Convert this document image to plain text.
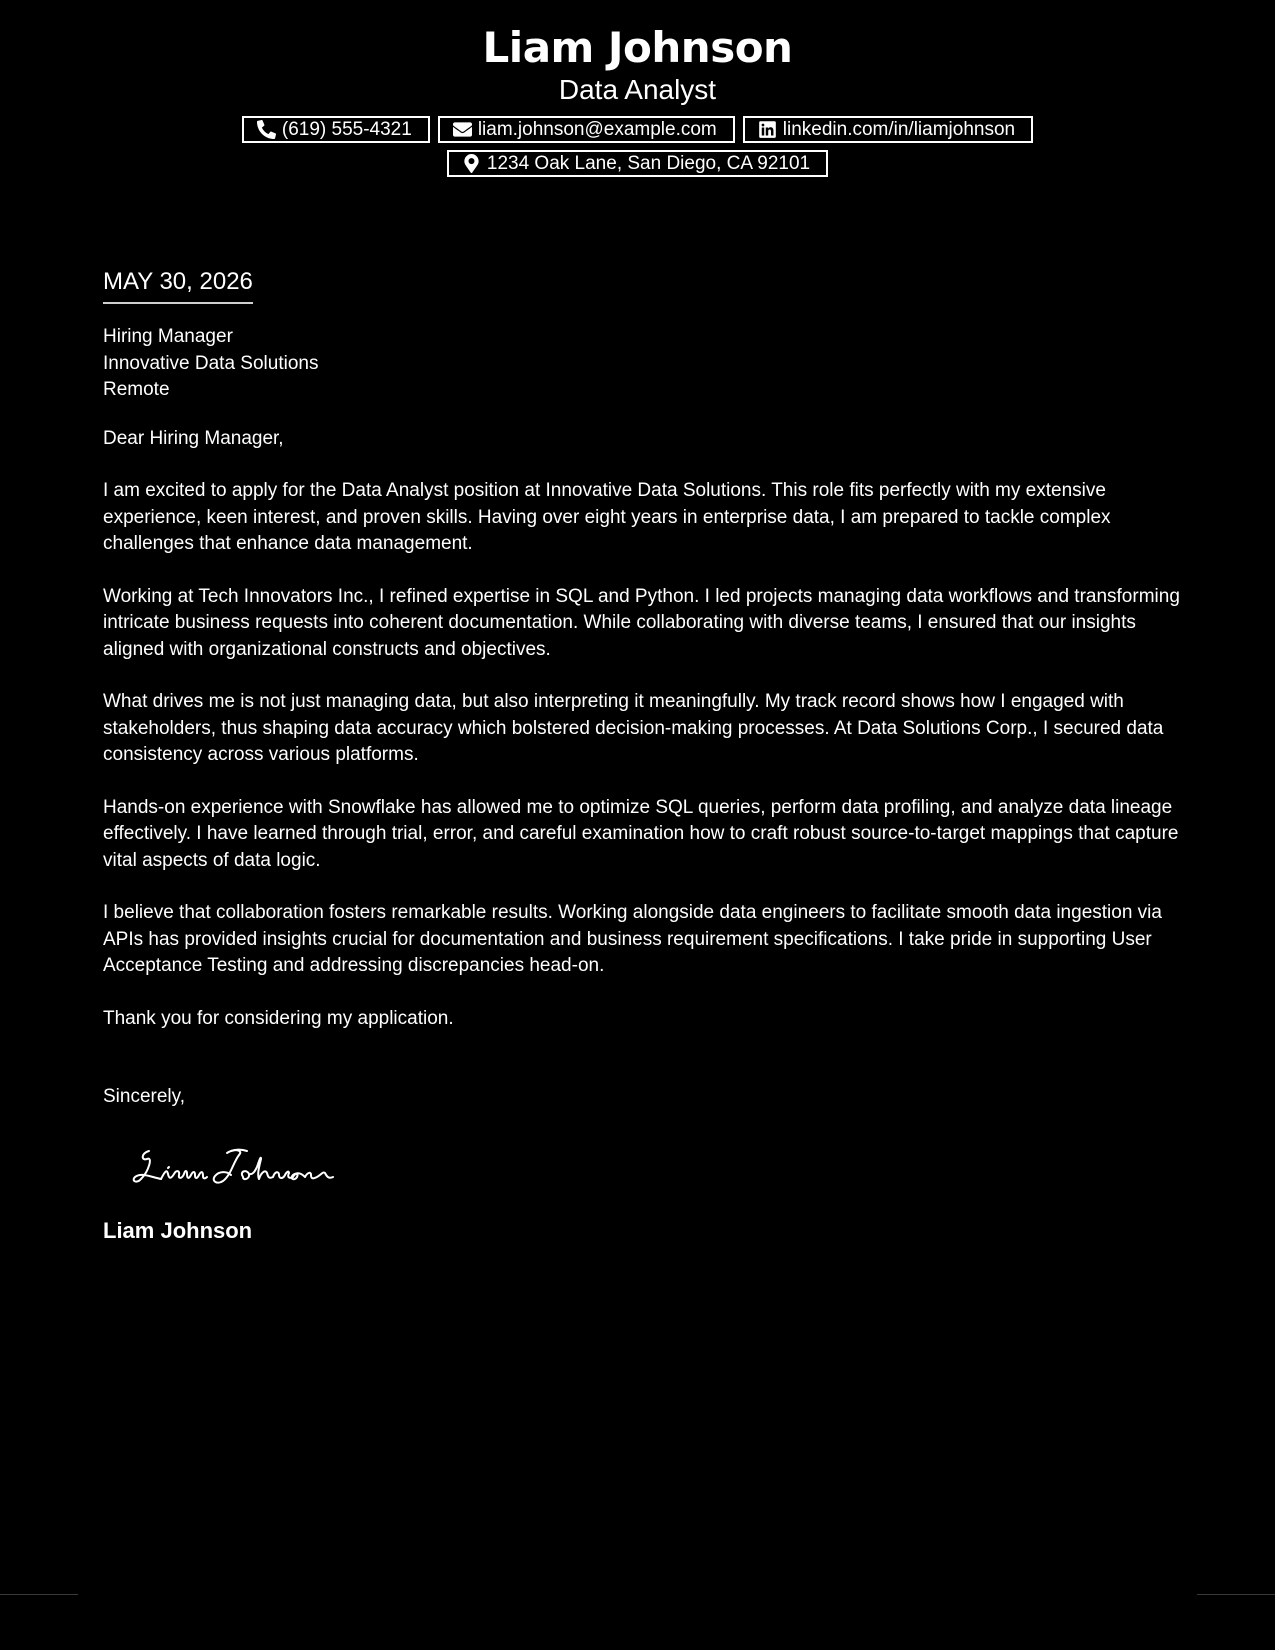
Liam Johnson
Data Analyst
(619) 555-4321	liam.johnson@example.com	linkedin.com/in/liamjohnson
1234 Oak Lane, San Diego, CA 92101
MAY 30, 2026
Hiring Manager
Innovative Data Solutions
Remote
Dear Hiring Manager,

I am excited to apply for the Data Analyst position at Innovative Data Solutions. This role fits perfectly with my extensive experience, keen interest, and proven skills. Having over eight years in enterprise data, I am prepared to tackle complex challenges that enhance data management.

Working at Tech Innovators Inc., I refined expertise in SQL and Python. I led projects managing data workflows and transforming intricate business requests into coherent documentation. While collaborating with diverse teams, I ensured that our insights aligned with organizational constructs and objectives.

What drives me is not just managing data, but also interpreting it meaningfully. My track record shows how I engaged with stakeholders, thus shaping data accuracy which bolstered decision-making processes. At Data Solutions Corp., I secured data consistency across various platforms.

Hands-on experience with Snowflake has allowed me to optimize SQL queries, perform data profiling, and analyze data lineage effectively. I have learned through trial, error, and careful examination how to craft robust source-to-target mappings that capture vital aspects of data logic.

I believe that collaboration fosters remarkable results. Working alongside data engineers to facilitate smooth data ingestion via APIs has provided insights crucial for documentation and business requirement specifications. I take pride in supporting User Acceptance Testing and addressing discrepancies head-on.

Thank you for considering my application.

Sincerely,
Liam Johnson
